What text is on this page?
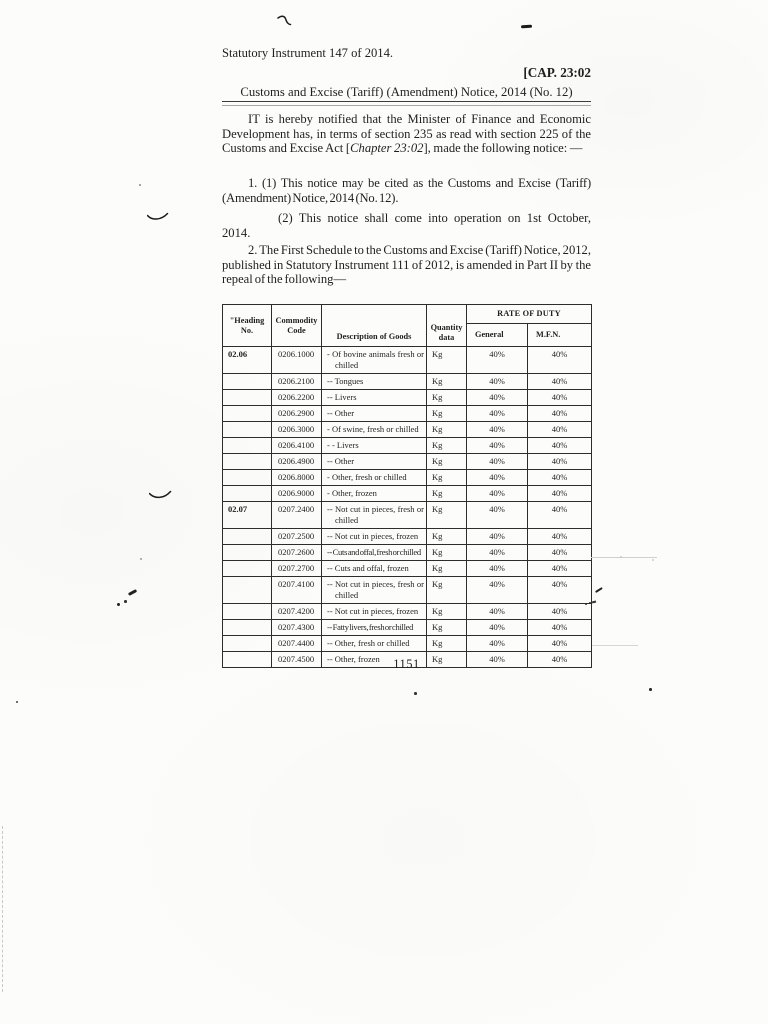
Statutory Instrument 147 of 2014.
[CAP. 23:02
Customs and Excise (Tariff) (Amendment) Notice, 2014 (No. 12)

IT is hereby notified that the Minister of Finance and Economic Development has, in terms of section 235 as read with section 225 of the Customs and Excise Act [Chapter 23:02], made the following notice: —

1. (1) This notice may be cited as the Customs and Excise (Tariff) (Amendment) Notice, 2014 (No. 12).

(2) This notice shall come into operation on 1st October, 2014.

2. The First Schedule to the Customs and Excise (Tariff) Notice, 2012, published in Statutory Instrument 111 of 2012, is amended in Part II by the repeal of the following—

"Heading No.	Commodity Code	Description of Goods	Quantity data	RATE OF DUTY	
				General	M.F.N.
02.06	0206.1000	- Of bovine animals fresh or chilled	Kg	40%	40%
	0206.2100	-- Tongues	Kg	40%	40%
	0206.2200	-- Livers	Kg	40%	40%
	0206.2900	-- Other	Kg	40%	40%
	0206.3000	- Of swine, fresh or chilled	Kg	40%	40%
	0206.4100	- - Livers	Kg	40%	40%
	0206.4900	-- Other	Kg	40%	40%
	0206.8000	- Other, fresh or chilled	Kg	40%	40%
	0206.9000	- Other, frozen	Kg	40%	40%
02.07	0207.2400	-- Not cut in pieces, fresh or chilled	Kg	40%	40%
	0207.2500	-- Not cut in pieces, frozen	Kg	40%	40%
	0207.2600	-- Cuts and offal, fresh or chilled	Kg	40%	40%
	0207.2700	-- Cuts and offal, frozen	Kg	40%	40%
	0207.4100	-- Not cut in pieces, fresh or chilled	Kg	40%	40%
	0207.4200	-- Not cut in pieces, frozen	Kg	40%	40%
	0207.4300	-- Fatty livers, fresh or chilled	Kg	40%	40%
	0207.4400	-- Other, fresh or chilled	Kg	40%	40%
	0207.4500	-- Other, frozen	Kg	40%	40%
1151
